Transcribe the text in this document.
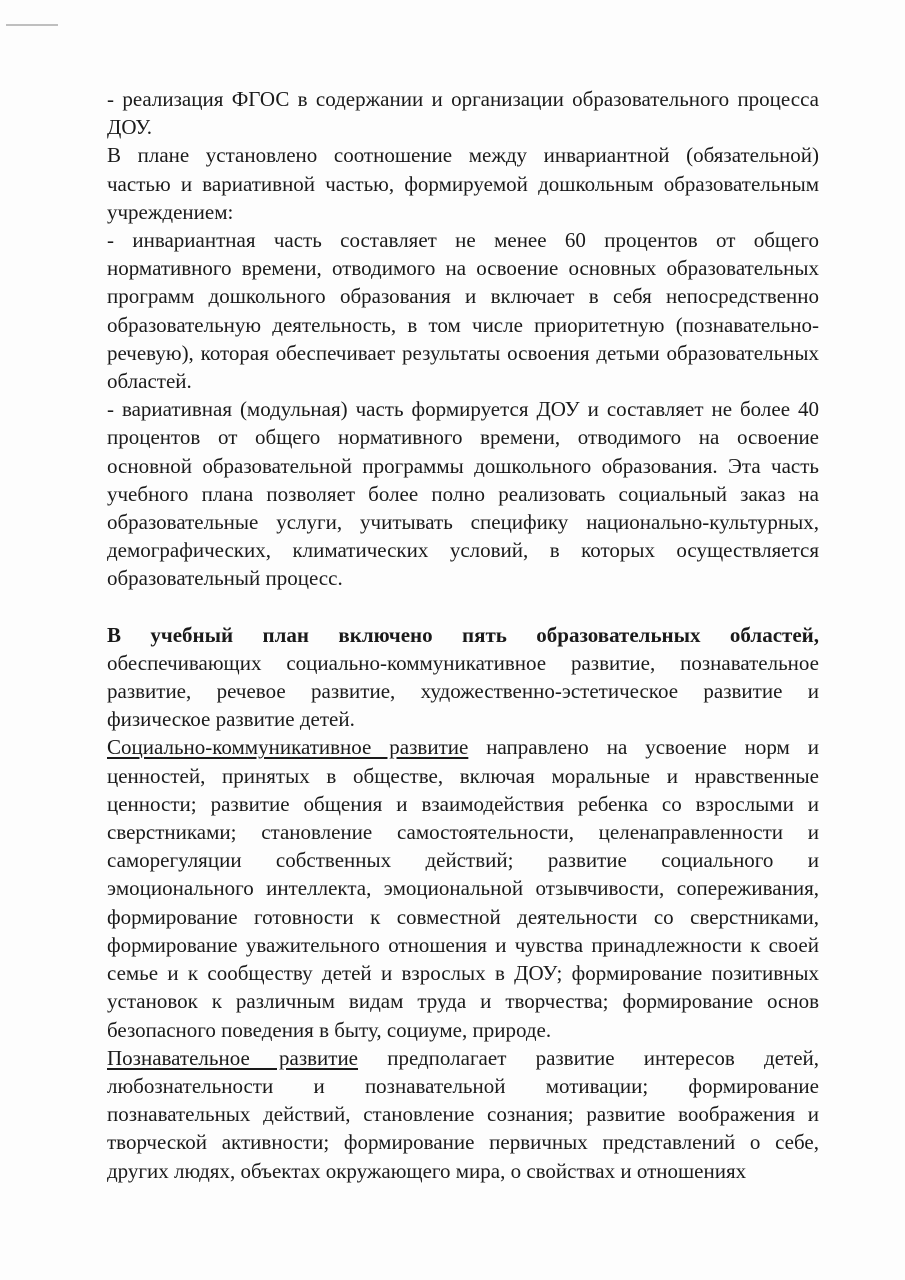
- реализация ФГОС в содержании и организации образовательного процесса ДОУ.

В плане установлено соотношение между инвариантной (обязательной) частью и вариативной частью, формируемой дошкольным образовательным учреждением:

- инвариантная часть составляет не менее 60 процентов от общего нормативного времени, отводимого на освоение основных образовательных программ дошкольного образования и включает в себя непосредственно образовательную деятельность, в том числе приоритетную (познавательно-речевую), которая обеспечивает результаты освоения детьми образовательных областей.

- вариативная (модульная) часть формируется ДОУ и составляет не более 40 процентов от общего нормативного времени, отводимого на освоение основной образовательной программы дошкольного образования. Эта часть учебного плана позволяет более полно реализовать социальный заказ на образовательные услуги, учитывать специфику национально-культурных, демографических, климатических условий, в которых осуществляется образовательный процесс.

В учебный план включено пять образовательных областей, обеспечивающих социально-коммуникативное развитие, познавательное развитие, речевое развитие, художественно-эстетическое развитие и физическое развитие детей.

Социально-коммуникативное развитие направлено на усвоение норм и ценностей, принятых в обществе, включая моральные и нравственные ценности; развитие общения и взаимодействия ребенка со взрослыми и сверстниками; становление самостоятельности, целенаправленности и саморегуляции собственных действий; развитие социального и эмоционального интеллекта, эмоциональной отзывчивости, сопереживания, формирование готовности к совместной деятельности со сверстниками, формирование уважительного отношения и чувства принадлежности к своей семье и к сообществу детей и взрослых в ДОУ; формирование позитивных установок к различным видам труда и творчества; формирование основ безопасного поведения в быту, социуме, природе.

Познавательное развитие предполагает развитие интересов детей, любознательности и познавательной мотивации; формирование познавательных действий, становление сознания; развитие воображения и творческой активности; формирование первичных представлений о себе, других людях, объектах окружающего мира, о свойствах и отношениях
